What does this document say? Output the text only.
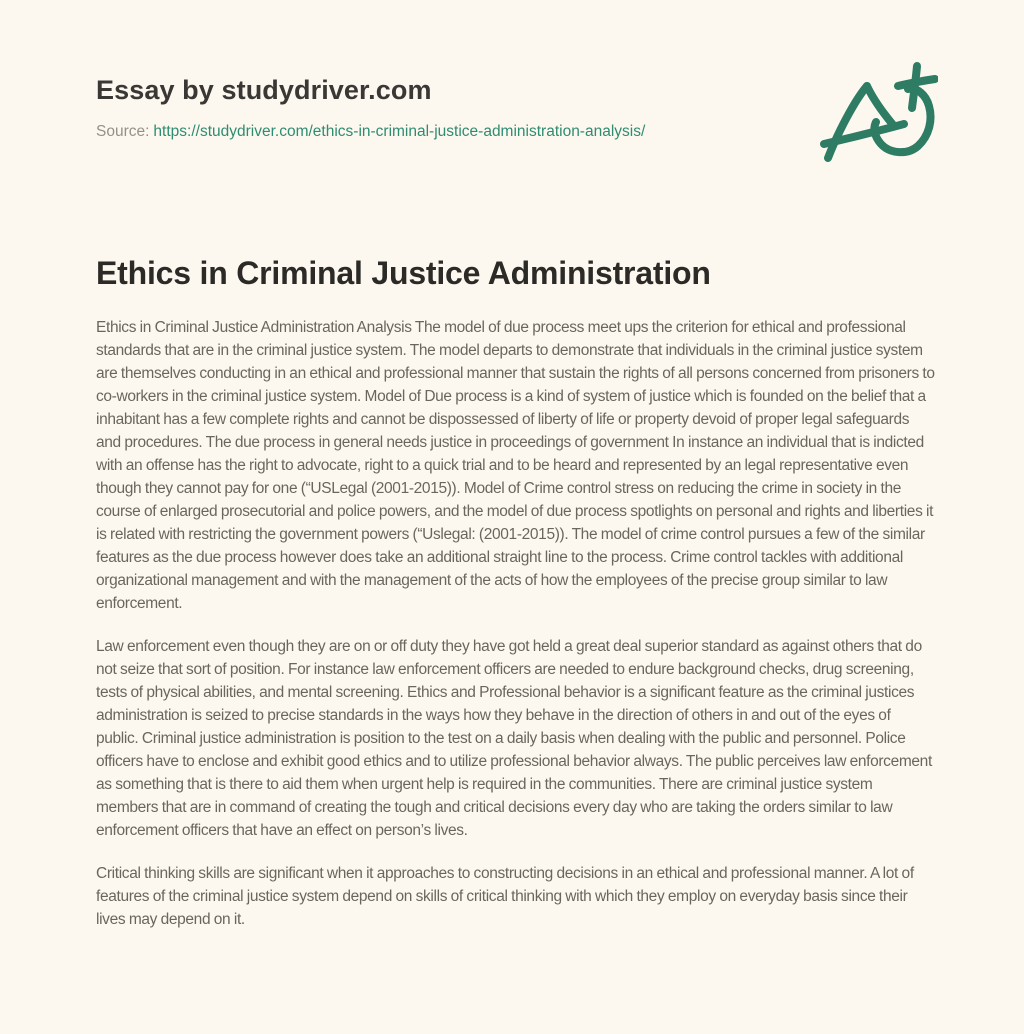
Essay by studydriver.com
Source: https://studydriver.com/ethics-in-criminal-justice-administration-analysis/
Ethics in Criminal Justice Administration

Ethics in Criminal Justice Administration Analysis The model of due process meet ups the criterion for ethical and professional standards that are in the criminal justice system. The model departs to demonstrate that individuals in the criminal justice system are themselves conducting in an ethical and professional manner that sustain the rights of all persons concerned from prisoners to co-workers in the criminal justice system. Model of Due process is a kind of system of justice which is founded on the belief that a inhabitant has a few complete rights and cannot be dispossessed of liberty of life or property devoid of proper legal safeguards and procedures. The due process in general needs justice in proceedings of government In instance an individual that is indicted with an offense has the right to advocate, right to a quick trial and to be heard and represented by an legal representative even though they cannot pay for one (“USLegal (2001-2015)). Model of Crime control stress on reducing the crime in society in the course of enlarged prosecutorial and police powers, and the model of due process spotlights on personal and rights and liberties it is related with restricting the government powers (“Uslegal: (2001-2015)). The model of crime control pursues a few of the similar features as the due process however does take an additional straight line to the process. Crime control tackles with additional organizational management and with the management of the acts of how the employees of the precise group similar to law enforcement.

Law enforcement even though they are on or off duty they have got held a great deal superior standard as against others that do not seize that sort of position. For instance law enforcement officers are needed to endure background checks, drug screening, tests of physical abilities, and mental screening. Ethics and Professional behavior is a significant feature as the criminal justices administration is seized to precise standards in the ways how they behave in the direction of others in and out of the eyes of public. Criminal justice administration is position to the test on a daily basis when dealing with the public and personnel. Police officers have to enclose and exhibit good ethics and to utilize professional behavior always. The public perceives law enforcement as something that is there to aid them when urgent help is required in the communities. There are criminal justice system members that are in command of creating the tough and critical decisions every day who are taking the orders similar to law enforcement officers that have an effect on person’s lives.

Critical thinking skills are significant when it approaches to constructing decisions in an ethical and professional manner. A lot of features of the criminal justice system depend on skills of critical thinking with which they employ on everyday basis since their lives may depend on it.
